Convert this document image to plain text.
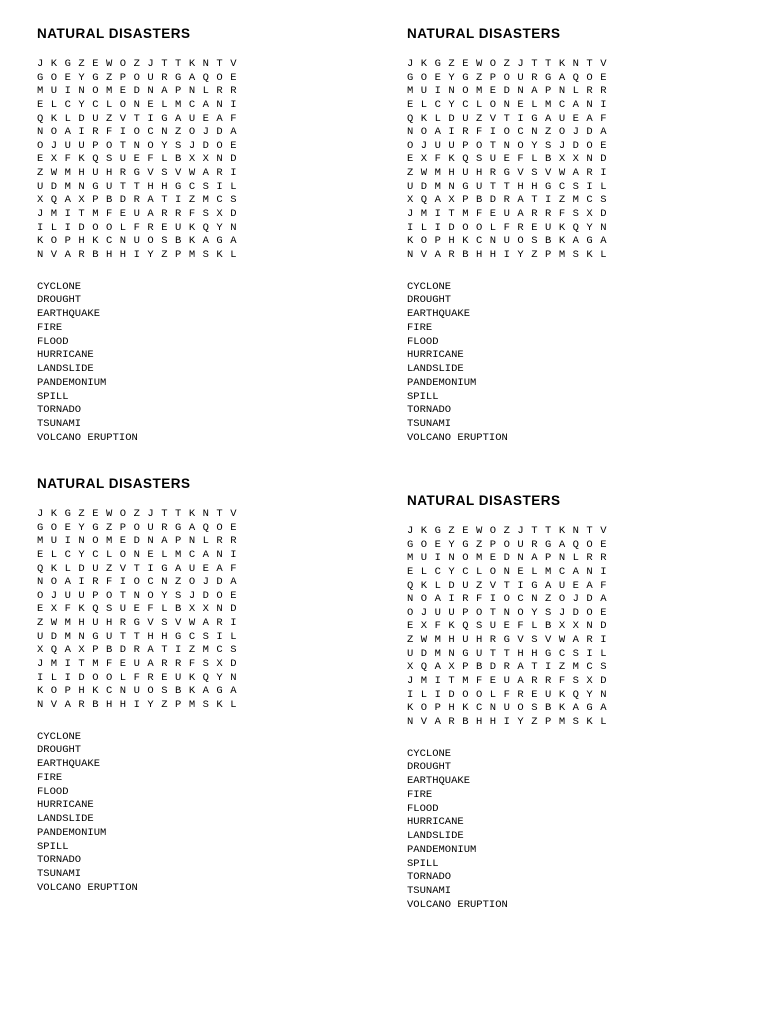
NATURAL DISASTERS
J K G Z E W O Z J T T K N T V
G O E Y G Z P O U R G A Q O E
M U I N O M E D N A P N L R R
E L C Y C L O N E L M C A N I
Q K L D U Z V T I G A U E A F
N O A I R F I O C N Z O J D A
O J U U P O T N O Y S J D O E
E X F K Q S U E F L B X X N D
Z W M H U H R G V S V W A R I
U D M N G U T T H H G C S I L
X Q A X P B D R A T I Z M C S
J M I T M F E U A R R F S X D
I L I D O O L F R E U K Q Y N
K O P H K C N U O S B K A G A
N V A R B H H I Y Z P M S K L
CYCLONE
DROUGHT
EARTHQUAKE
FIRE
FLOOD
HURRICANE
LANDSLIDE
PANDEMONIUM
SPILL
TORNADO
TSUNAMI
VOLCANO ERUPTION
NATURAL DISASTERS
J K G Z E W O Z J T T K N T V
G O E Y G Z P O U R G A Q O E
M U I N O M E D N A P N L R R
E L C Y C L O N E L M C A N I
Q K L D U Z V T I G A U E A F
N O A I R F I O C N Z O J D A
O J U U P O T N O Y S J D O E
E X F K Q S U E F L B X X N D
Z W M H U H R G V S V W A R I
U D M N G U T T H H G C S I L
X Q A X P B D R A T I Z M C S
J M I T M F E U A R R F S X D
I L I D O O L F R E U K Q Y N
K O P H K C N U O S B K A G A
N V A R B H H I Y Z P M S K L
CYCLONE
DROUGHT
EARTHQUAKE
FIRE
FLOOD
HURRICANE
LANDSLIDE
PANDEMONIUM
SPILL
TORNADO
TSUNAMI
VOLCANO ERUPTION
NATURAL DISASTERS
J K G Z E W O Z J T T K N T V
G O E Y G Z P O U R G A Q O E
M U I N O M E D N A P N L R R
E L C Y C L O N E L M C A N I
Q K L D U Z V T I G A U E A F
N O A I R F I O C N Z O J D A
O J U U P O T N O Y S J D O E
E X F K Q S U E F L B X X N D
Z W M H U H R G V S V W A R I
U D M N G U T T H H G C S I L
X Q A X P B D R A T I Z M C S
J M I T M F E U A R R F S X D
I L I D O O L F R E U K Q Y N
K O P H K C N U O S B K A G A
N V A R B H H I Y Z P M S K L
CYCLONE
DROUGHT
EARTHQUAKE
FIRE
FLOOD
HURRICANE
LANDSLIDE
PANDEMONIUM
SPILL
TORNADO
TSUNAMI
VOLCANO ERUPTION
NATURAL DISASTERS
J K G Z E W O Z J T T K N T V
G O E Y G Z P O U R G A Q O E
M U I N O M E D N A P N L R R
E L C Y C L O N E L M C A N I
Q K L D U Z V T I G A U E A F
N O A I R F I O C N Z O J D A
O J U U P O T N O Y S J D O E
E X F K Q S U E F L B X X N D
Z W M H U H R G V S V W A R I
U D M N G U T T H H G C S I L
X Q A X P B D R A T I Z M C S
J M I T M F E U A R R F S X D
I L I D O O L F R E U K Q Y N
K O P H K C N U O S B K A G A
N V A R B H H I Y Z P M S K L
CYCLONE
DROUGHT
EARTHQUAKE
FIRE
FLOOD
HURRICANE
LANDSLIDE
PANDEMONIUM
SPILL
TORNADO
TSUNAMI
VOLCANO ERUPTION
